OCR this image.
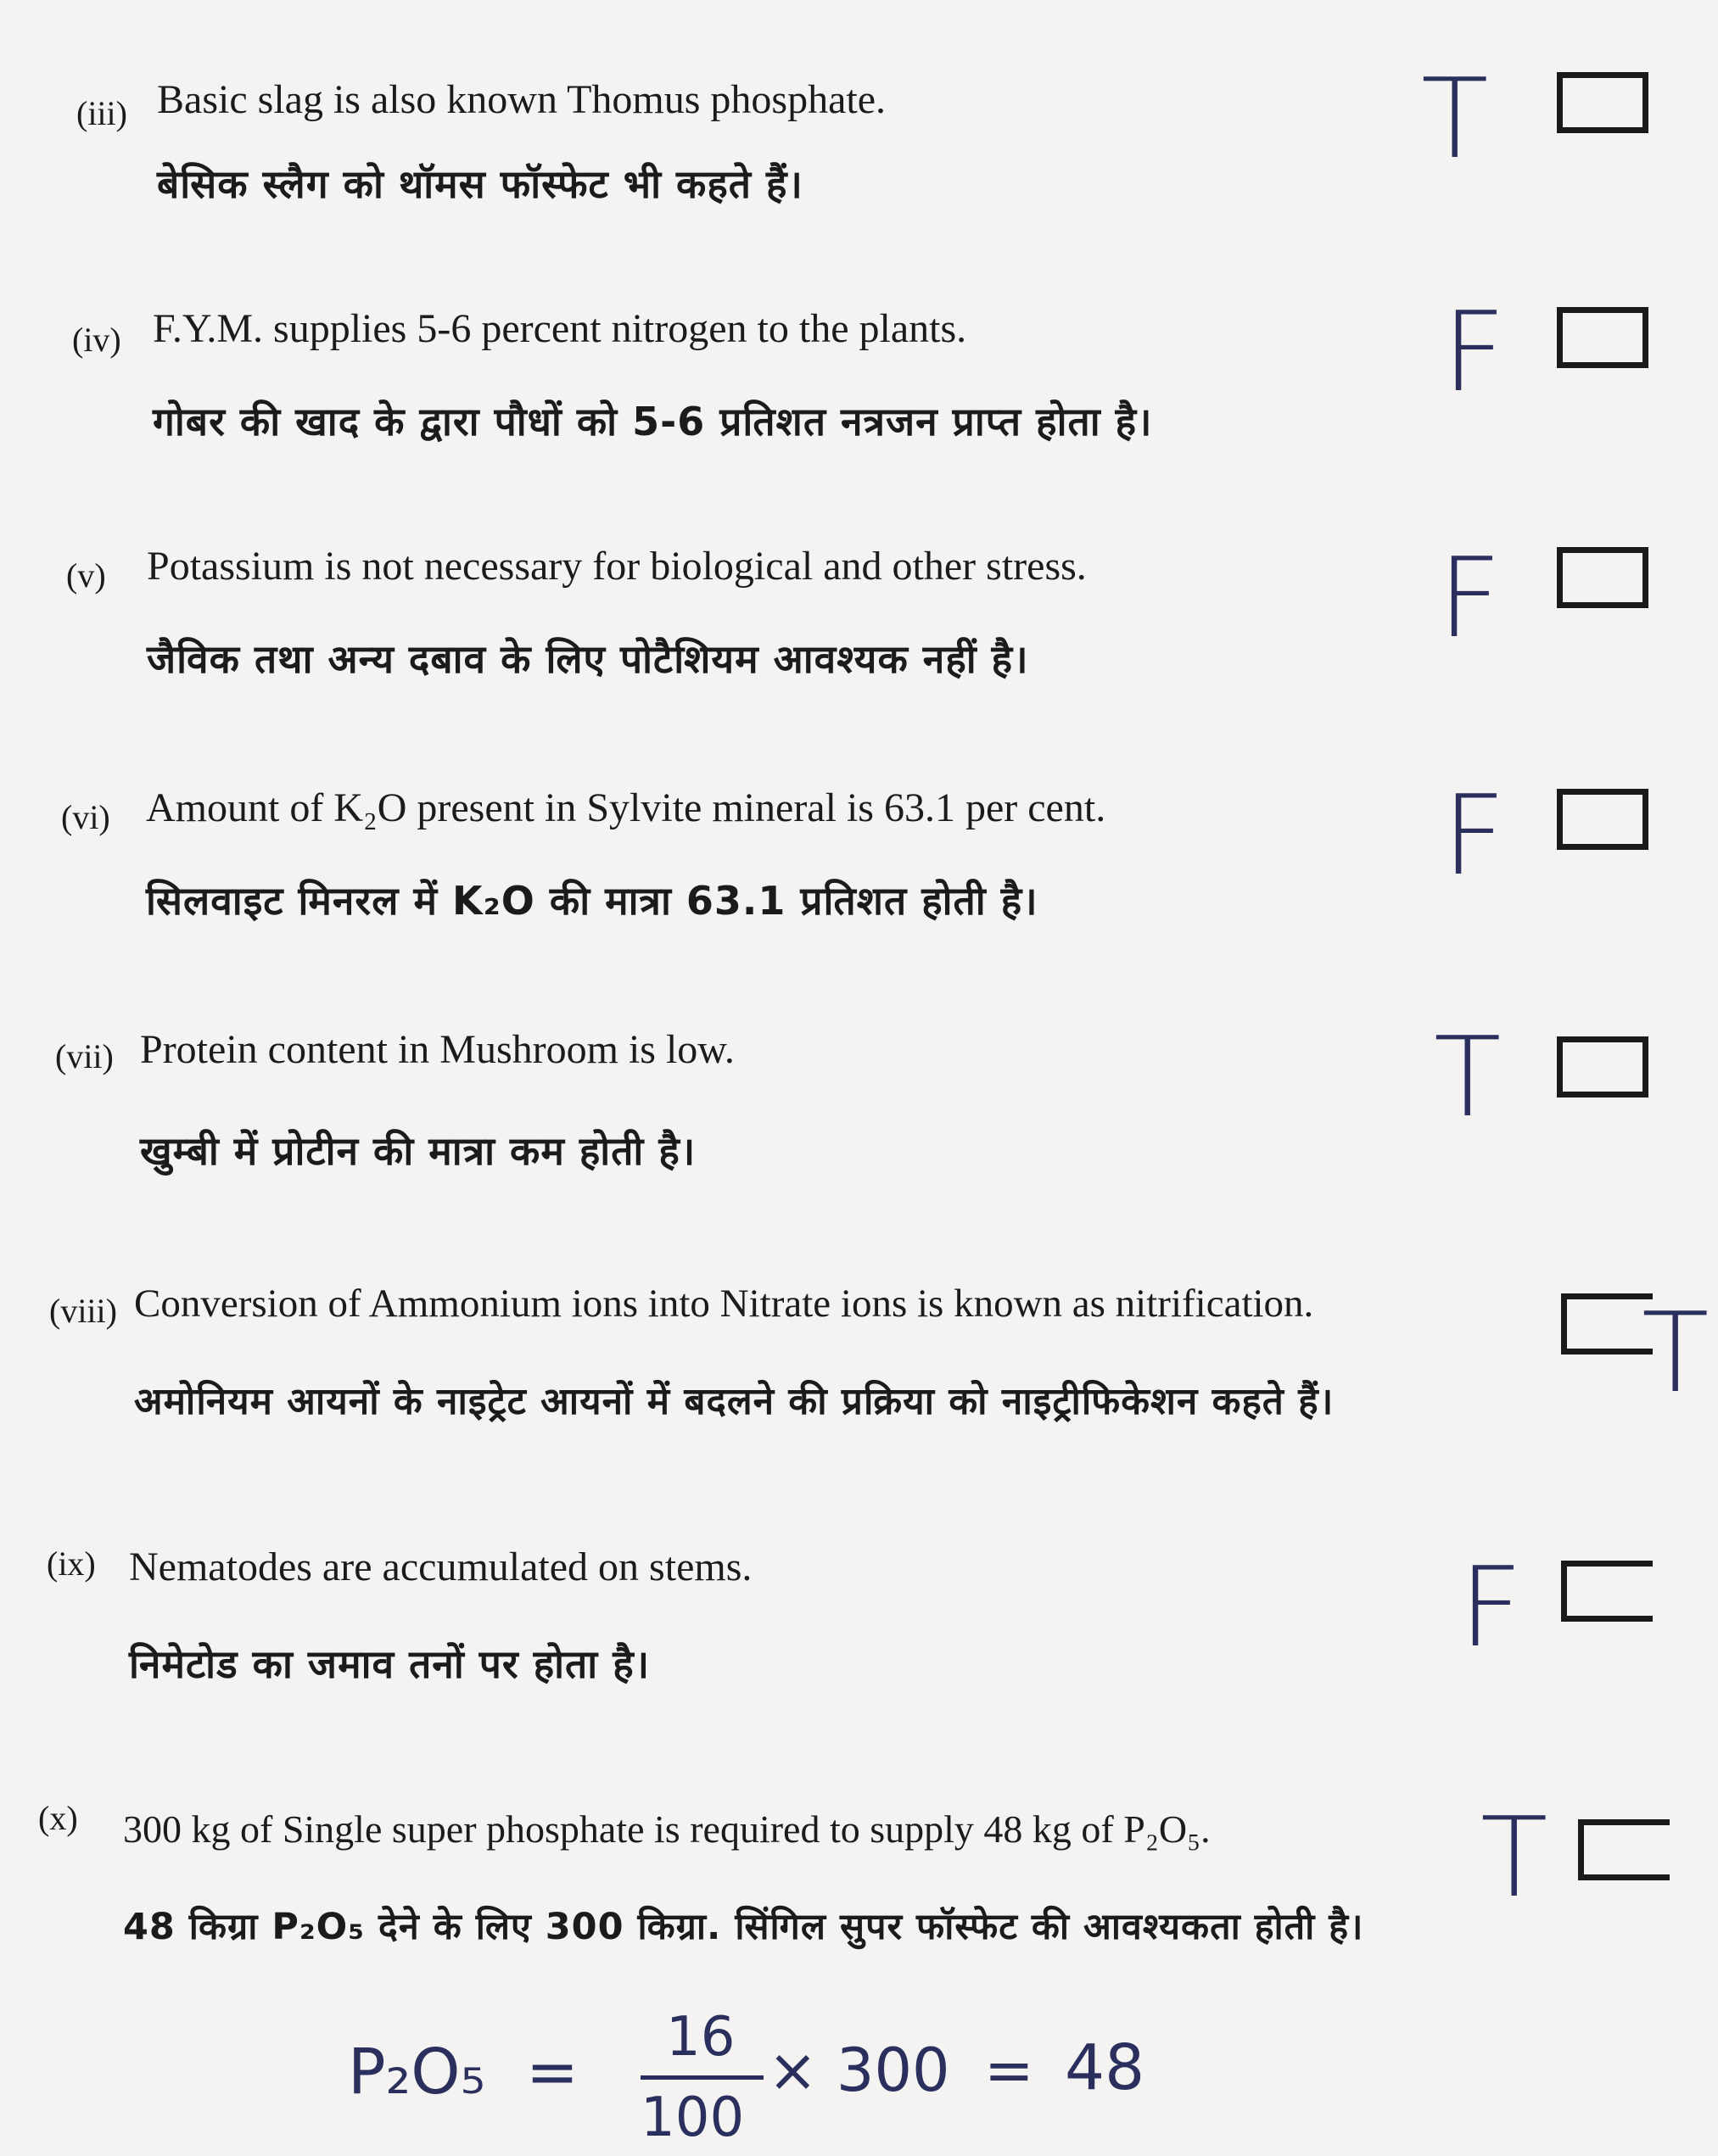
(iii) Basic slag is also known Thomus phosphate.
बेसिक स्लैग को थॉमस फॉस्फेट भी कहते हैं।
T
(iv) F.Y.M. supplies 5-6 percent nitrogen to the plants.
गोबर की खाद के द्वारा पौधों को 5-6 प्रतिशत नत्रजन प्राप्त होता है।
F
(v) Potassium is not necessary for biological and other stress.
जैविक तथा अन्य दबाव के लिए पोटैशियम आवश्यक नहीं है।	F
(vi) Amount of K₂O present in Sylvite mineral is 63.1 per cent.
सिलवाइट मिनरल में K₂O की मात्रा 63.1 प्रतिशत होती है।
F
(vii) Protein content in Mushroom is low.
खुम्बी में प्रोटीन की मात्रा कम होती है।
T
(viii) Conversion of Ammonium ions into Nitrate ions is known as nitrification.
अमोनियम आयनों के नाइट्रेट आयनों में बदलने की प्रक्रिया को नाइट्रीफिकेशन कहते हैं।	T
(ix) Nematodes are accumulated on stems.
निमेटोड का जमाव तनों पर होता है।	F
(x) 300 kg of Single super phosphate is required to supply 48 kg of P₂O₅.
48 किग्रा P₂O₅ देने के लिए 300 किग्रा. सिंगिल सुपर फॉस्फेट की आवश्यकता होती है।
T
P₂O₅ = 16
100
× 300 = 48
